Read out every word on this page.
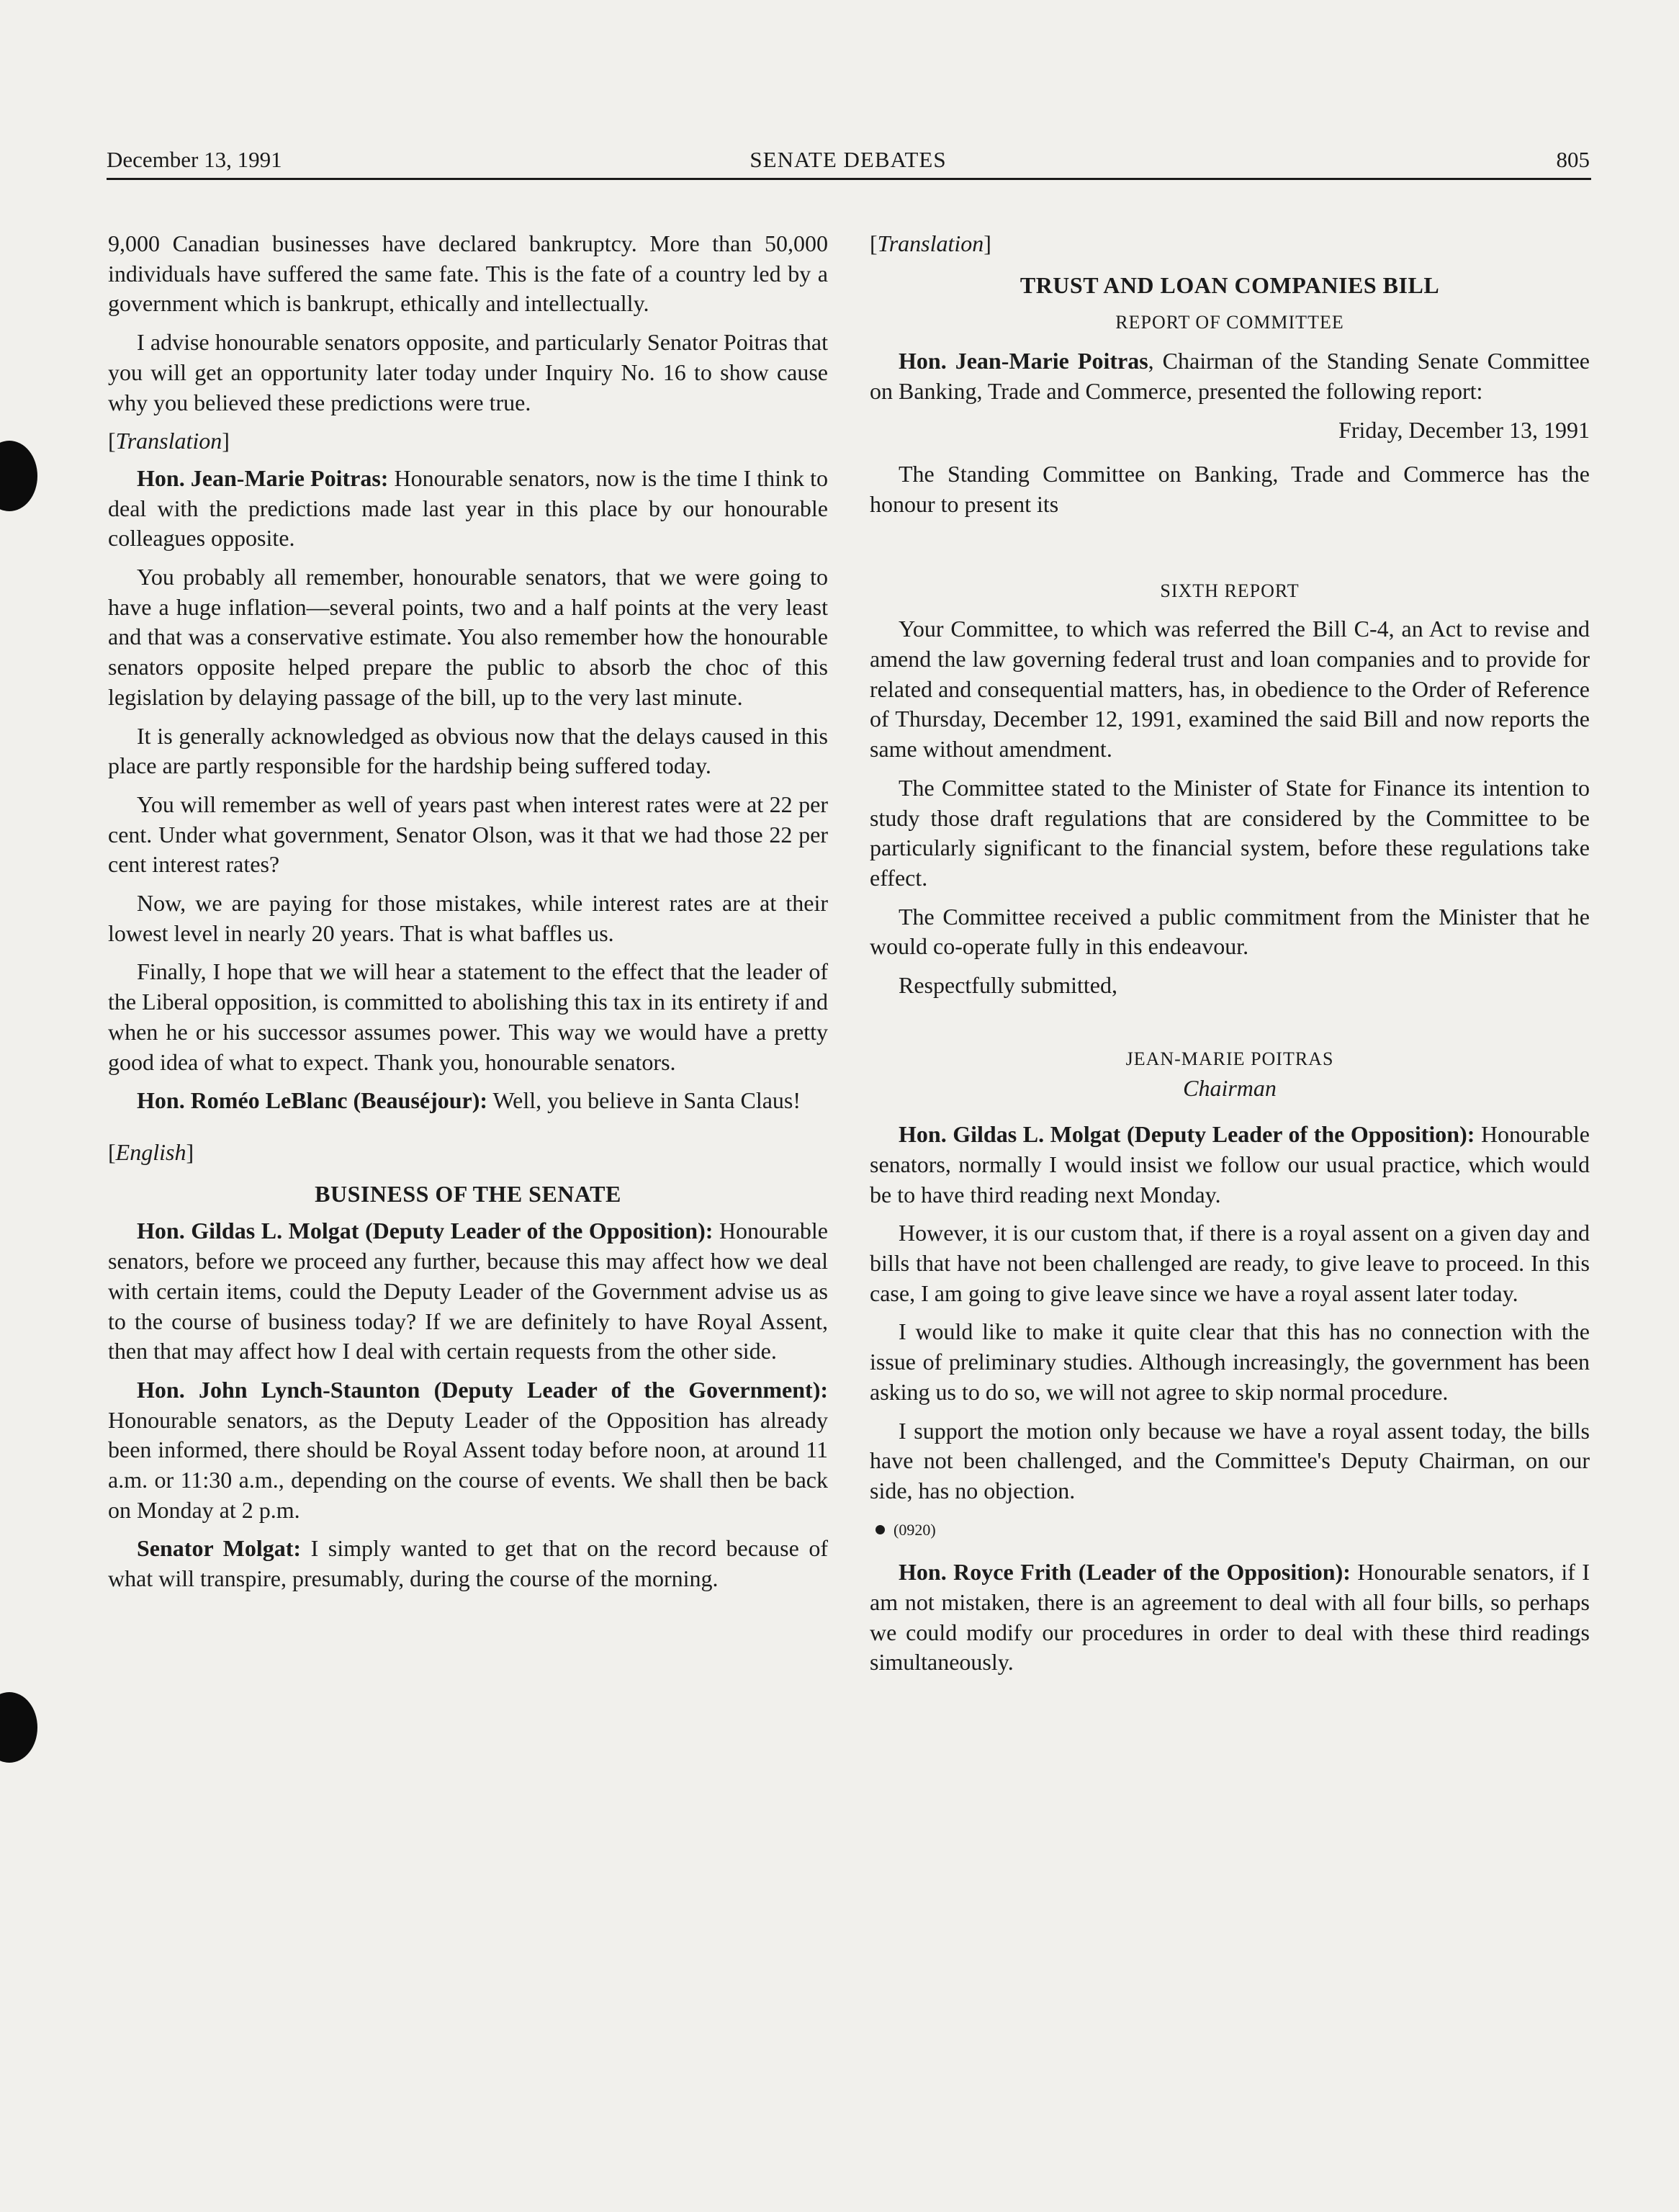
December 13, 1991	SENATE DEBATES	805

9,000 Canadian businesses have declared bankruptcy. More than 50,000 individuals have suffered the same fate. This is the fate of a country led by a government which is bankrupt, ethically and intellectually.

I advise honourable senators opposite, and particularly Senator Poitras that you will get an opportunity later today under Inquiry No. 16 to show cause why you believed these predictions were true.

[Translation]

Hon. Jean-Marie Poitras: Honourable senators, now is the time I think to deal with the predictions made last year in this place by our honourable colleagues opposite.

You probably all remember, honourable senators, that we were going to have a huge inflation—several points, two and a half points at the very least and that was a conservative estimate. You also remember how the honourable senators opposite helped prepare the public to absorb the choc of this legislation by delaying passage of the bill, up to the very last minute.

It is generally acknowledged as obvious now that the delays caused in this place are partly responsible for the hardship being suffered today.

You will remember as well of years past when interest rates were at 22 per cent. Under what government, Senator Olson, was it that we had those 22 per cent interest rates?

Now, we are paying for those mistakes, while interest rates are at their lowest level in nearly 20 years. That is what baffles us.

Finally, I hope that we will hear a statement to the effect that the leader of the Liberal opposition, is committed to abolishing this tax in its entirety if and when he or his successor assumes power. This way we would have a pretty good idea of what to expect. Thank you, honourable senators.

Hon. Roméo LeBlanc (Beauséjour): Well, you believe in Santa Claus!

[English]
BUSINESS OF THE SENATE

Hon. Gildas L. Molgat (Deputy Leader of the Opposition): Honourable senators, before we proceed any further, because this may affect how we deal with certain items, could the Deputy Leader of the Government advise us as to the course of business today? If we are definitely to have Royal Assent, then that may affect how I deal with certain requests from the other side.

Hon. John Lynch-Staunton (Deputy Leader of the Government): Honourable senators, as the Deputy Leader of the Opposition has already been informed, there should be Royal Assent today before noon, at around 11 a.m. or 11:30 a.m., depending on the course of events. We shall then be back on Monday at 2 p.m.

Senator Molgat: I simply wanted to get that on the record because of what will transpire, presumably, during the course of the morning.

[Translation]
TRUST AND LOAN COMPANIES BILL
REPORT OF COMMITTEE

Hon. Jean-Marie Poitras, Chairman of the Standing Senate Committee on Banking, Trade and Commerce, presented the following report:

Friday, December 13, 1991

The Standing Committee on Banking, Trade and Commerce has the honour to present its

SIXTH REPORT

Your Committee, to which was referred the Bill C-4, an Act to revise and amend the law governing federal trust and loan companies and to provide for related and consequential matters, has, in obedience to the Order of Reference of Thursday, December 12, 1991, examined the said Bill and now reports the same without amendment.

The Committee stated to the Minister of State for Finance its intention to study those draft regulations that are considered by the Committee to be particularly significant to the financial system, before these regulations take effect.

The Committee received a public commitment from the Minister that he would co-operate fully in this endeavour.

Respectfully submitted,

JEAN-MARIE POITRAS
Chairman

Hon. Gildas L. Molgat (Deputy Leader of the Opposition): Honourable senators, normally I would insist we follow our usual practice, which would be to have third reading next Monday.

However, it is our custom that, if there is a royal assent on a given day and bills that have not been challenged are ready, to give leave to proceed. In this case, I am going to give leave since we have a royal assent later today.

I would like to make it quite clear that this has no connection with the issue of preliminary studies. Although increasingly, the government has been asking us to do so, we will not agree to skip normal procedure.

I support the motion only because we have a royal assent today, the bills have not been challenged, and the Committee's Deputy Chairman, on our side, has no objection.

(0920)

Hon. Royce Frith (Leader of the Opposition): Honourable senators, if I am not mistaken, there is an agreement to deal with all four bills, so perhaps we could modify our procedures in order to deal with these third readings simultaneously.
